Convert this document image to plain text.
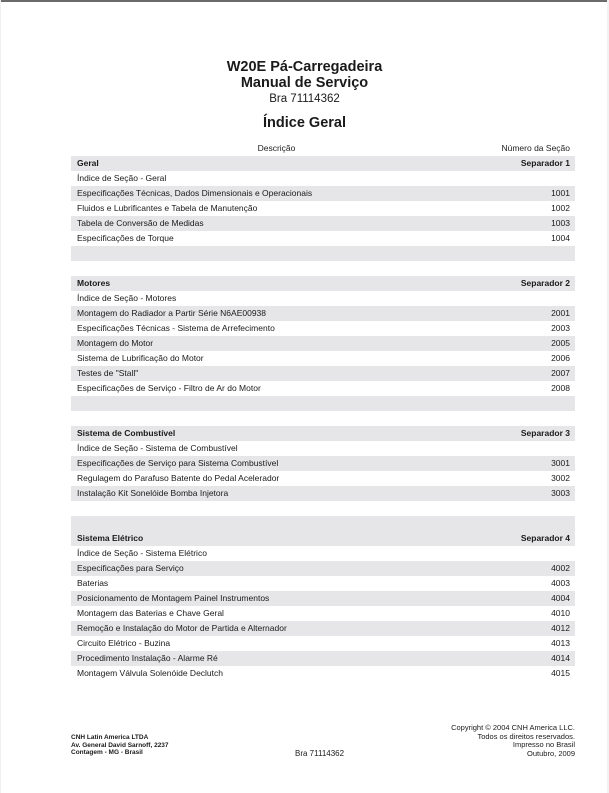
W20E Pá-Carregadeira
Manual de Serviço
Bra 71114362
Índice Geral
Descrição	Número da Seção
Geral	Separador 1
Índice de Seção - Geral
Especificações Técnicas, Dados Dimensionais e Operacionais	1001
Fluidos e Lubrificantes e Tabela de Manutenção	1002
Tabela de Conversão de Medidas	1003
Especificações de Torque	1004
Motores	Separador 2
Índice de Seção - Motores
Montagem do Radiador a Partir Série N6AE00938	2001
Especificações Técnicas - Sistema de Arrefecimento	2003
Montagem do Motor	2005
Sistema de Lubrificação do Motor	2006
Testes de "Stall"	2007
Especificações de Serviço - Filtro de Ar do Motor	2008
Sistema de Combustível	Separador 3
Índice de Seção - Sistema de Combustível
Especificações de Serviço para Sistema Combustível	3001
Regulagem do Parafuso Batente do Pedal Acelerador	3002
Instalação Kit Sonelóide Bomba Injetora	3003
Sistema Elétrico	Separador 4
Índice de Seção - Sistema Elétrico
Especificações para Serviço	4002
Baterias	4003
Posicionamento de Montagem Painel Instrumentos	4004
Montagem das Baterias e Chave Geral	4010
Remoção e Instalação do Motor de Partida e Alternador	4012
Circuito Elétrico - Buzina	4013
Procedimento Instalação - Alarme Ré	4014
Montagem Válvula Solenóide Declutch	4015
CNH Latin America LTDA
Av. General David Sarnoff, 2237
Contagem - MG - Brasil	Bra 71114362
Copyright © 2004 CNH America LLC.
Todos os direitos reservados.
Impresso no Brasil
Outubro, 2009
